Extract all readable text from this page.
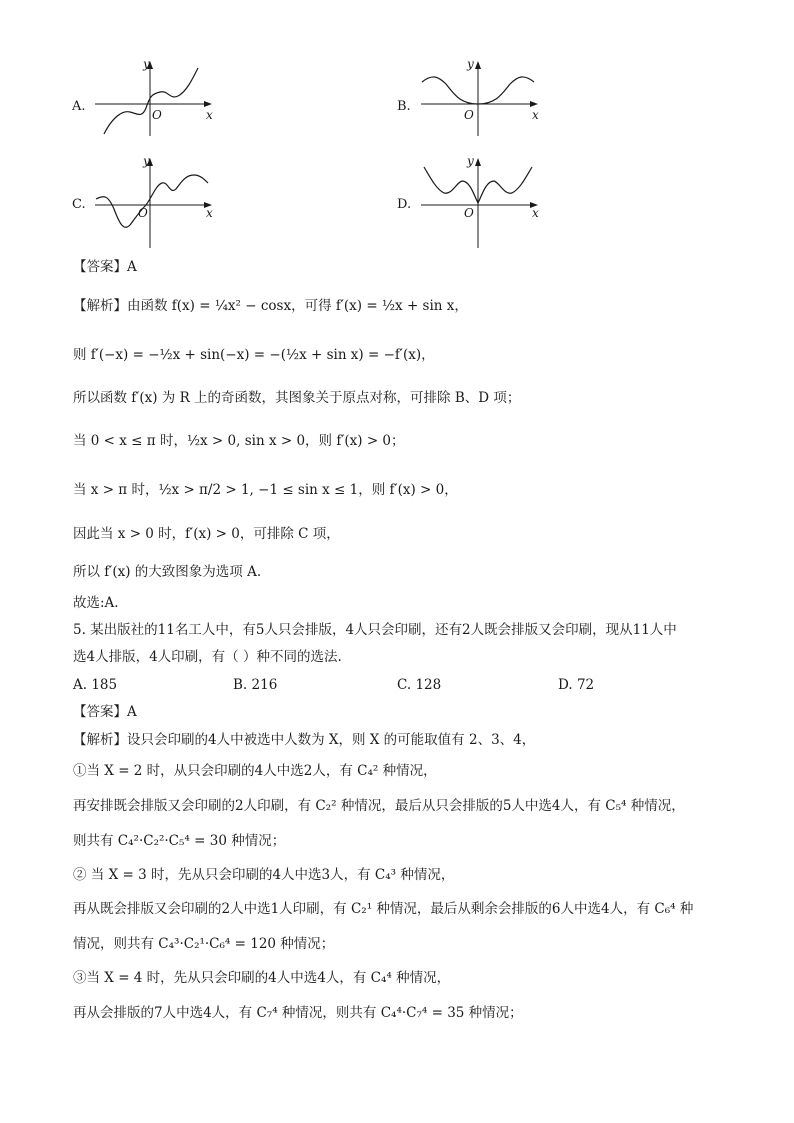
A.
y
x
O
B.
y
x
O
C.
y
x
O
D.
y
x
O
【答案】A
【解析】由函数 f(x) = ¼x² − cosx，可得 f′(x) = ½x + sin x，
则 f′(−x) = −½x + sin(−x) = −(½x + sin x) = −f′(x)，
所以函数 f′(x) 为 R 上的奇函数，其图象关于原点对称，可排除 B、D 项；
当 0 < x ≤ π 时，½x > 0, sin x > 0，则 f′(x) > 0；
当 x > π 时，½x > π/2 > 1, −1 ≤ sin x ≤ 1，则 f′(x) > 0，
因此当 x > 0 时，f′(x) > 0，可排除 C 项，
所以 f′(x) 的大致图象为选项 A.
故选:A.
5. 某出版社的11名工人中，有5人只会排版，4人只会印刷，还有2人既会排版又会印刷，现从11人中
选4人排版，4人印刷，有（ ）种不同的选法.
A. 185	B. 216	C. 128	D. 72
【答案】A
【解析】设只会印刷的4人中被选中人数为 X，则 X 的可能取值有 2、3、4，
①当 X = 2 时，从只会印刷的4人中选2人，有 C₄² 种情况，
再安排既会排版又会印刷的2人印刷，有 C₂² 种情况，最后从只会排版的5人中选4人，有 C₅⁴ 种情况，
则共有 C₄²·C₂²·C₅⁴ = 30 种情况；
② 当 X = 3 时，先从只会印刷的4人中选3人，有 C₄³ 种情况，
再从既会排版又会印刷的2人中选1人印刷，有 C₂¹ 种情况，最后从剩余会排版的6人中选4人，有 C₆⁴ 种
情况，则共有 C₄³·C₂¹·C₆⁴ = 120 种情况；
③当 X = 4 时，先从只会印刷的4人中选4人，有 C₄⁴ 种情况，
再从会排版的7人中选4人，有 C₇⁴ 种情况，则共有 C₄⁴·C₇⁴ = 35 种情况；
